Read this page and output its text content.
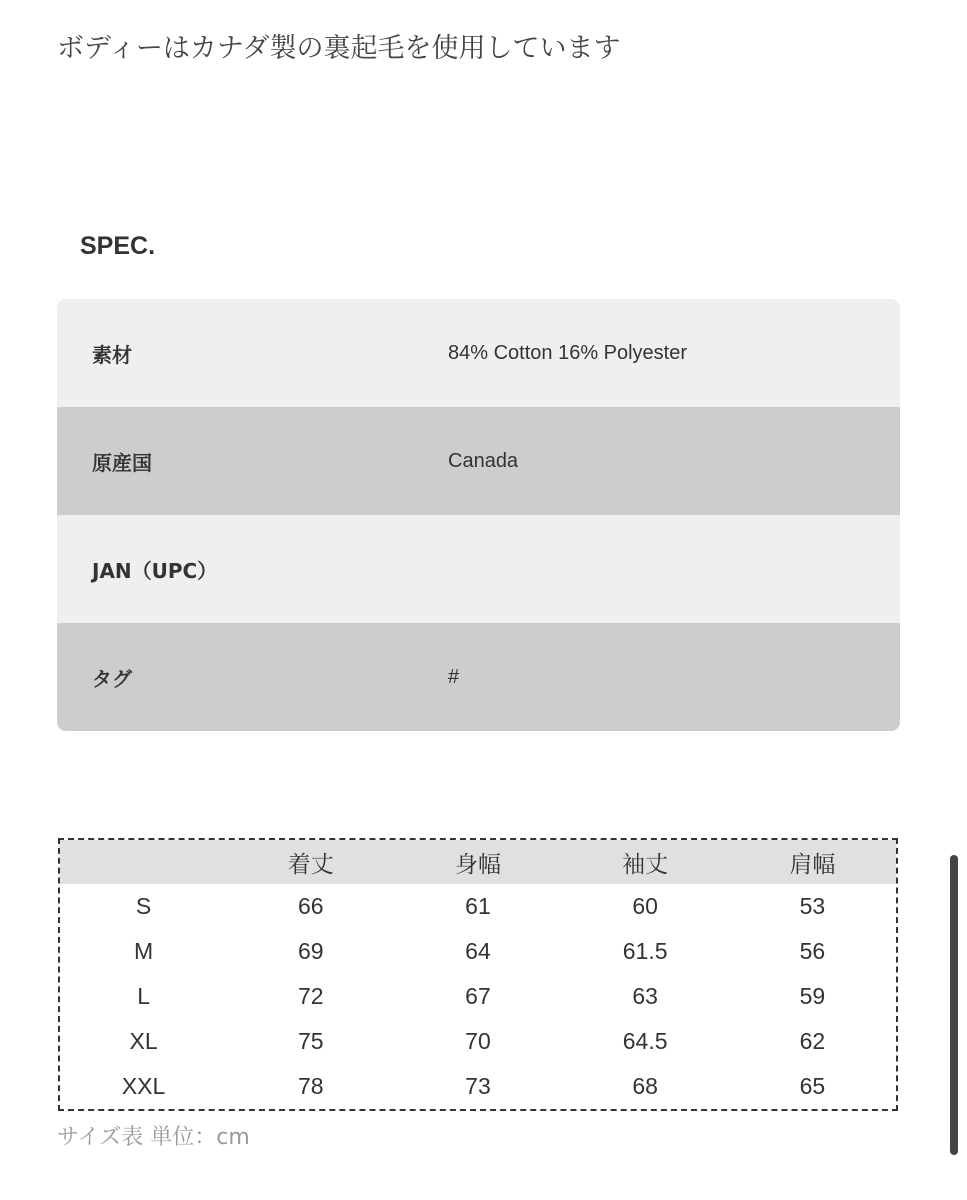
ボディーはカナダ製の裏起毛を使用しています

SPEC.
素材	84% Cotton 16% Polyester
原産国	Canada
JAN（UPC）
タグ	#
	着丈	身幅	袖丈	肩幅
S	66	61	60	53
M	69	64	61.5	56
L	72	67	63	59
XL	75	70	64.5	62
XXL	78	73	68	65
サイズ表 単位：cm
